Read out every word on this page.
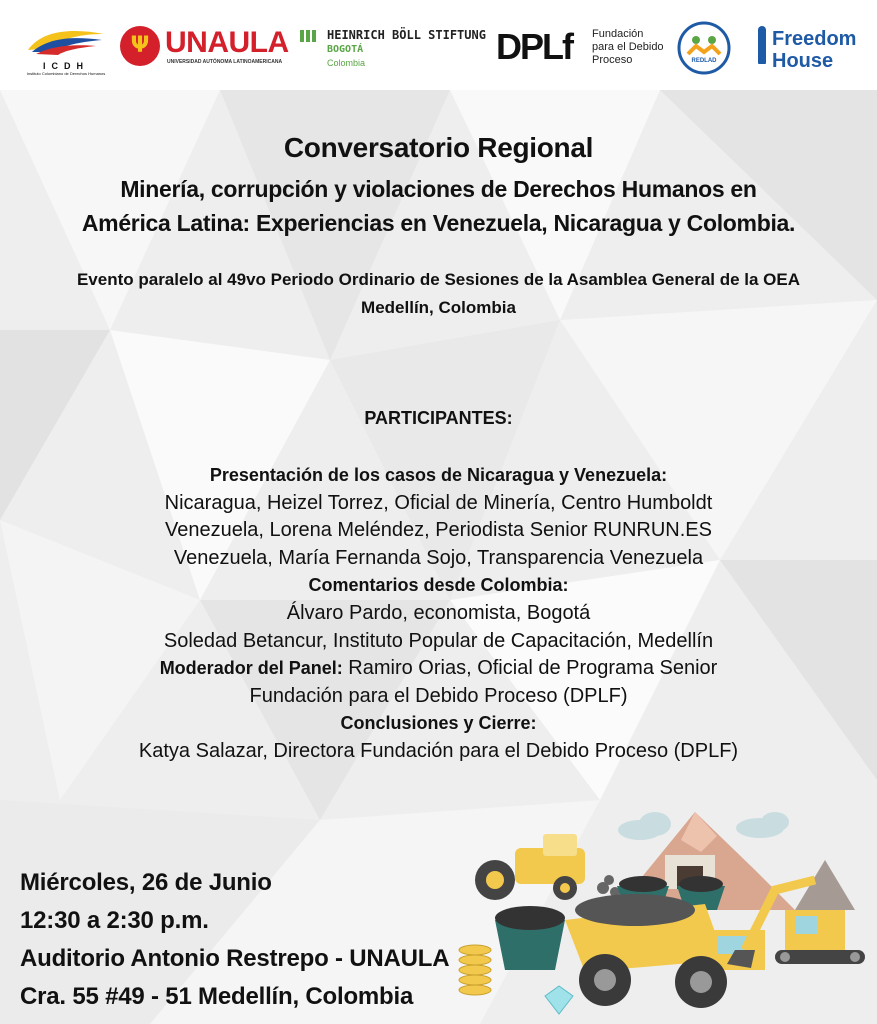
ICDH
Instituto Colombiano de Derechos Humanos
Ψ UNAULA
UNIVERSIDAD AUTÓNOMA LATINOAMERICANA
HEINRICH BÖLL STIFTUNG
BOGOTÁ
Colombia	DPLf Fundación
para el Debido
Proceso	REDLAD
Freedom
House
Conversatorio Regional
Minería, corrupción y violaciones de Derechos Humanos en
América Latina: Experiencias en Venezuela, Nicaragua y Colombia.
Evento paralelo al 49vo Periodo Ordinario de Sesiones de la Asamblea General de la OEA
Medellín, Colombia
PARTICIPANTES:
Presentación de los casos de Nicaragua y Venezuela:
Nicaragua, Heizel Torrez, Oficial de Minería, Centro Humboldt
Venezuela, Lorena Meléndez, Periodista Senior RUNRUN.ES
Venezuela, María Fernanda Sojo, Transparencia Venezuela
Comentarios desde Colombia:
Álvaro Pardo, economista, Bogotá
Soledad Betancur, Instituto Popular de Capacitación, Medellín
Moderador del Panel: Ramiro Orias, Oficial de Programa Senior
Fundación para el Debido Proceso (DPLF)
Conclusiones y Cierre:
Katya Salazar, Directora Fundación para el Debido Proceso (DPLF)
Miércoles, 26 de Junio
12:30 a 2:30 p.m.
Auditorio Antonio Restrepo - UNAULA
Cra. 55 #49 - 51 Medellín, Colombia
